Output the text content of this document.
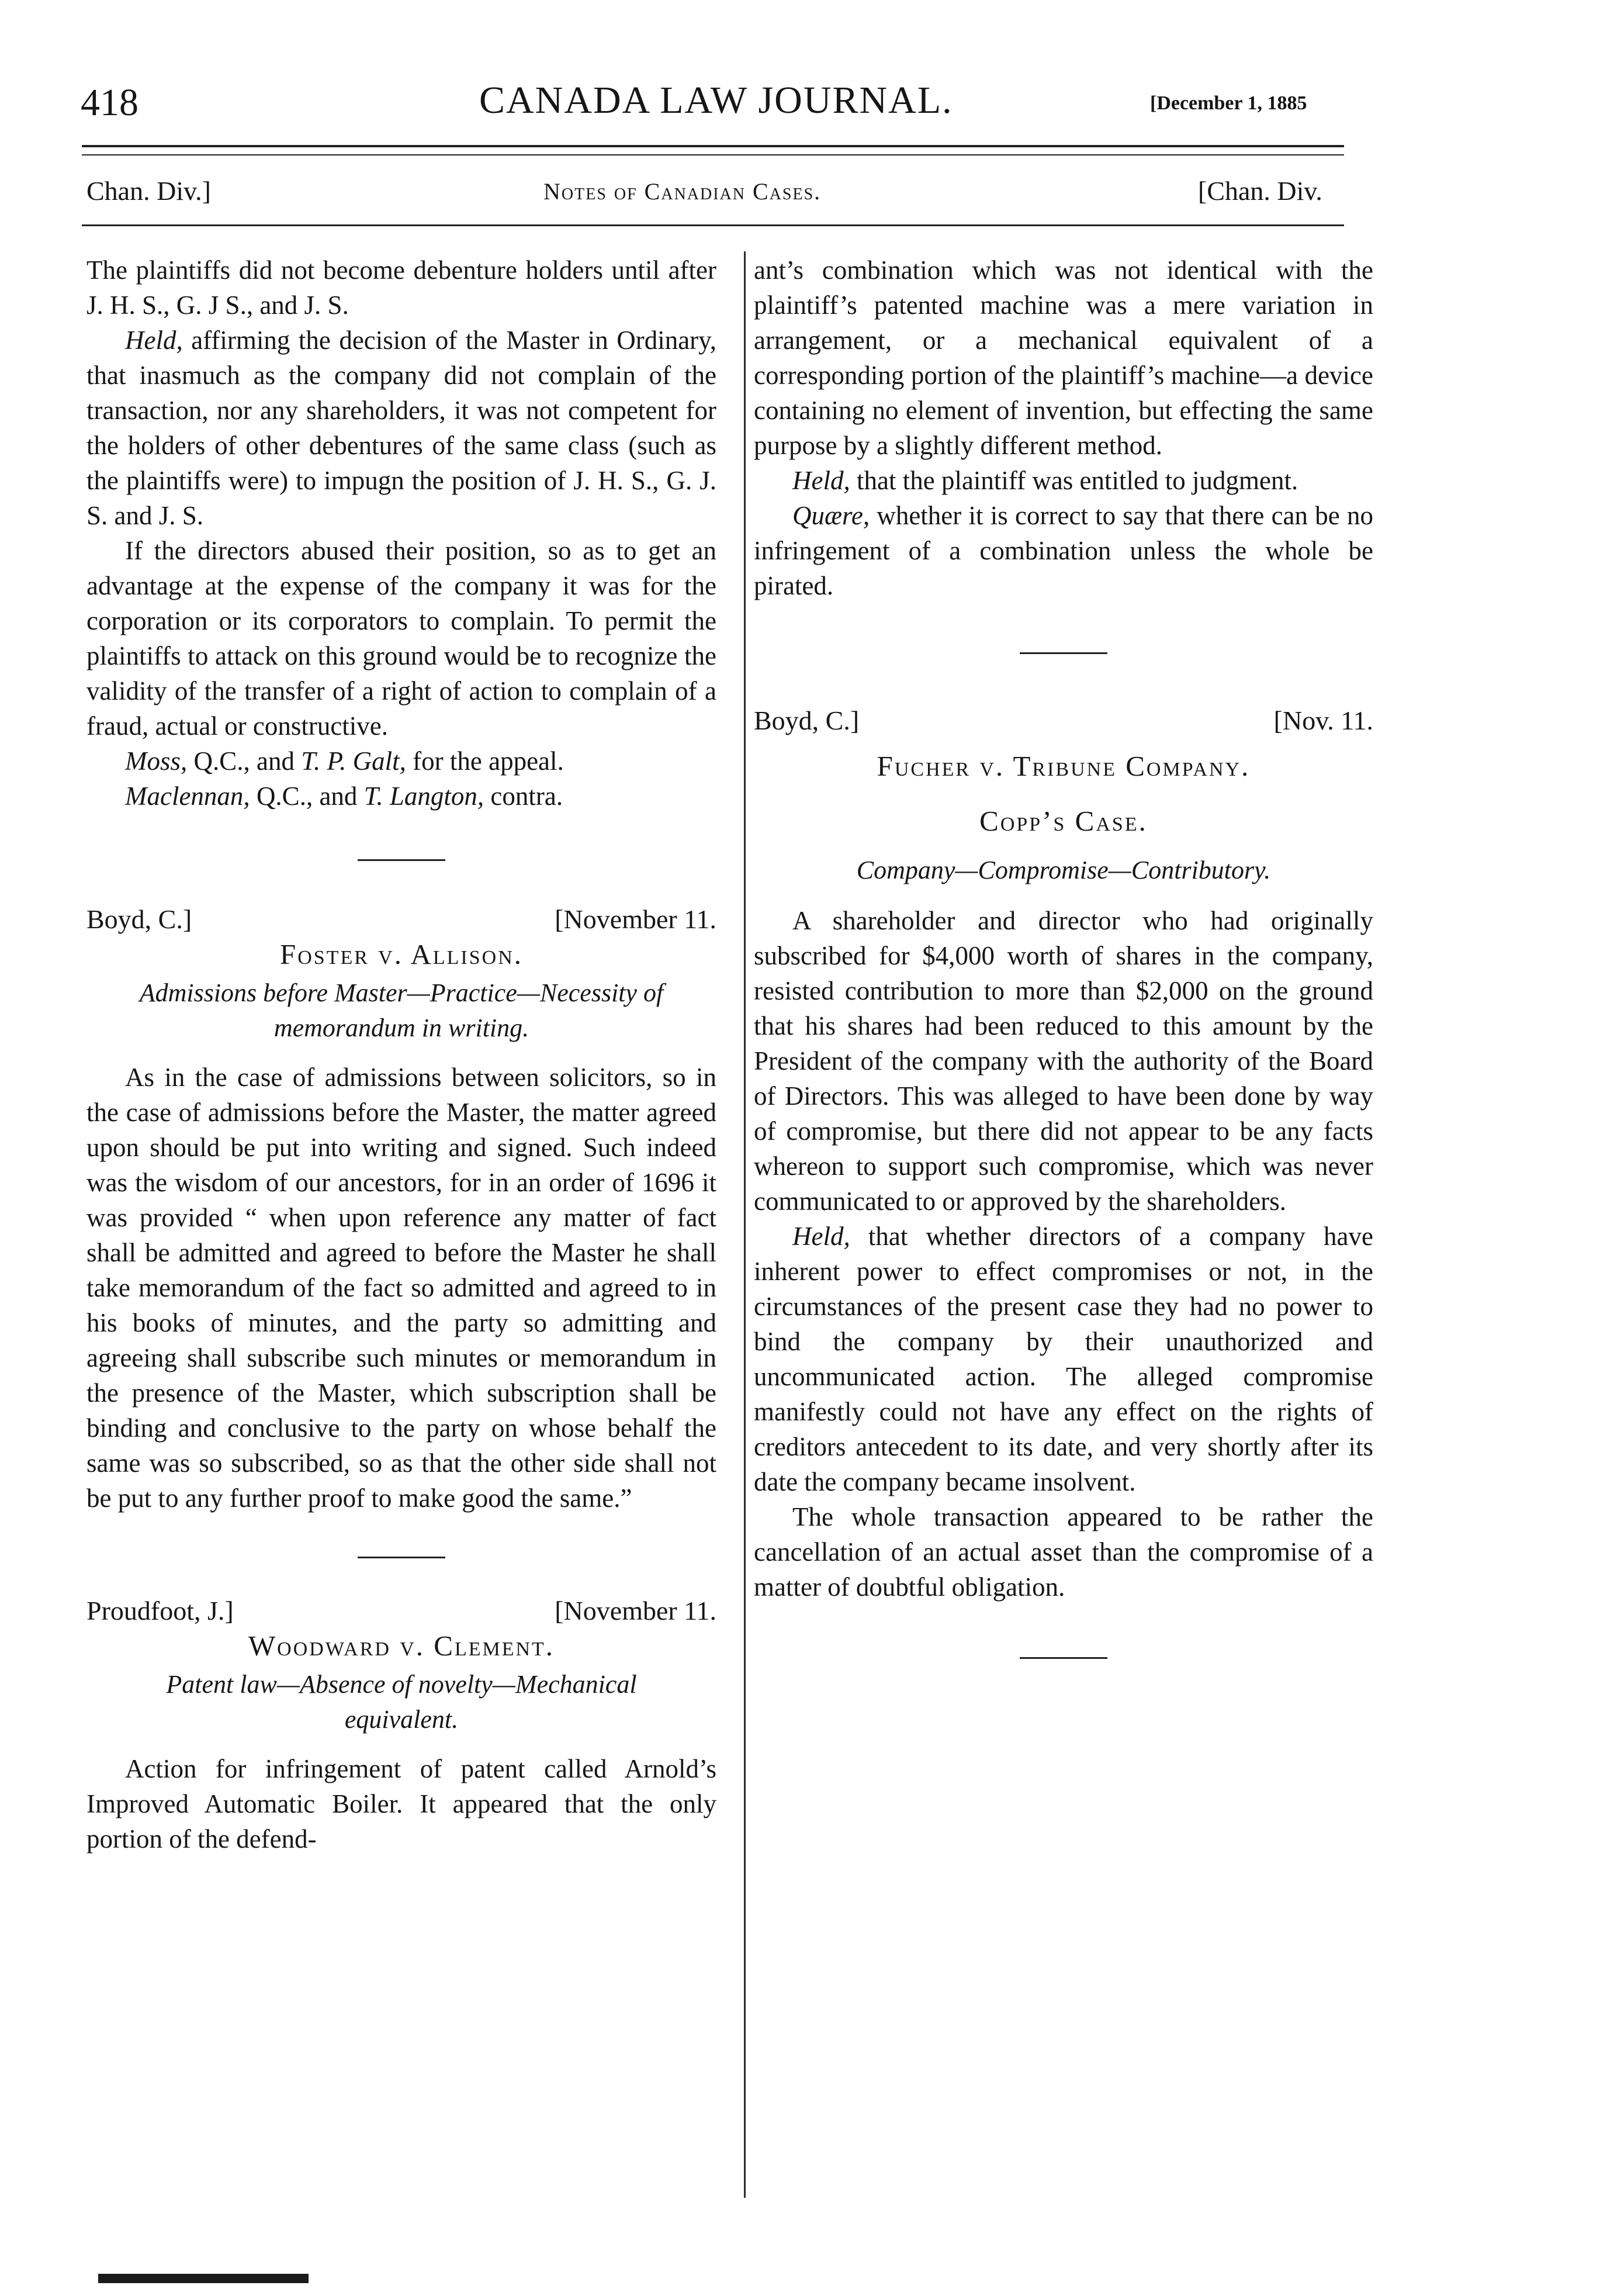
418	CANADA LAW JOURNAL.	[December 1, 1885
Chan. Div.]	Notes of Canadian Cases.	[Chan. Div.

The plaintiffs did not become debenture holders until after J. H. S., G. J S., and J. S.

Held, affirming the decision of the Master in Ordinary, that inasmuch as the company did not complain of the transaction, nor any shareholders, it was not competent for the holders of other debentures of the same class (such as the plaintiffs were) to impugn the position of J. H. S., G. J. S. and J. S.

If the directors abused their position, so as to get an advantage at the expense of the company it was for the corporation or its corporators to complain. To permit the plaintiffs to attack on this ground would be to recognize the validity of the transfer of a right of action to complain of a fraud, actual or constructive.

Moss, Q.C., and T. P. Galt, for the appeal.

Maclennan, Q.C., and T. Langton, contra.

Boyd, C.]	[November 11.

Foster v. Allison.

Admissions before Master—Practice—Necessity of memorandum in writing.

As in the case of admissions between solicitors, so in the case of admissions before the Master, the matter agreed upon should be put into writing and signed. Such indeed was the wisdom of our ancestors, for in an order of 1696 it was provided “ when upon reference any matter of fact shall be admitted and agreed to before the Master he shall take memorandum of the fact so admitted and agreed to in his books of minutes, and the party so admitting and agreeing shall subscribe such minutes or memorandum in the presence of the Master, which subscription shall be binding and conclusive to the party on whose behalf the same was so subscribed, so as that the other side shall not be put to any further proof to make good the same.”

Proudfoot, J.]	[November 11.

Woodward v. Clement.

Patent law—Absence of novelty—Mechanical equivalent.

Action for infringement of patent called Arnold’s Improved Automatic Boiler. It appeared that the only portion of the defend-

ant’s combination which was not identical with the plaintiff’s patented machine was a mere variation in arrangement, or a mechanical equivalent of a corresponding portion of the plaintiff’s machine—a device containing no element of invention, but effecting the same purpose by a slightly different method.

Held, that the plaintiff was entitled to judgment.

Quære, whether it is correct to say that there can be no infringement of a combination unless the whole be pirated.

Boyd, C.]	[Nov. 11.

Fucher v. Tribune Company.

Copp’s Case.

Company—Compromise—Contributory.

A shareholder and director who had originally subscribed for $4,000 worth of shares in the company, resisted contribution to more than $2,000 on the ground that his shares had been reduced to this amount by the President of the company with the authority of the Board of Directors. This was alleged to have been done by way of compromise, but there did not appear to be any facts whereon to support such compromise, which was never communicated to or approved by the shareholders.

Held, that whether directors of a company have inherent power to effect compromises or not, in the circumstances of the present case they had no power to bind the company by their unauthorized and uncommunicated action. The alleged compromise manifestly could not have any effect on the rights of creditors antecedent to its date, and very shortly after its date the company became insolvent.

The whole transaction appeared to be rather the cancellation of an actual asset than the compromise of a matter of doubtful obligation.
